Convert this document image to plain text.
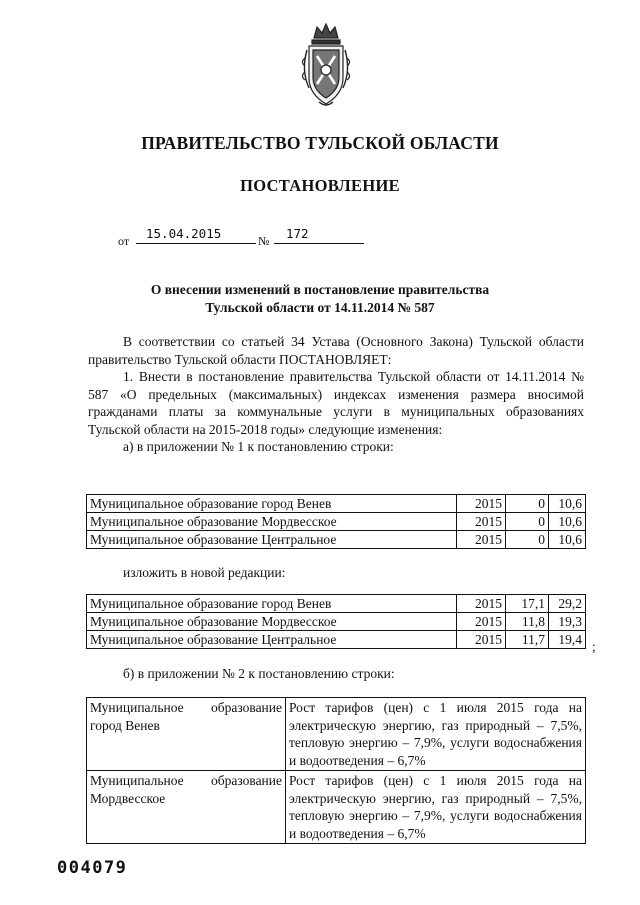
ПРАВИТЕЛЬСТВО ТУЛЬСКОЙ ОБЛАСТИ
ПОСТАНОВЛЕНИЕ
от 15.04.2015	№ 172
О внесении изменений в постановление правительства
Тульской области от 14.11.2014 № 587

В соответствии со статьей 34 Устава (Основного Закона) Тульской области правительство Тульской области ПОСТАНОВЛЯЕТ:

1. Внести в постановление правительства Тульской области от 14.11.2014 № 587 «О предельных (максимальных) индексах изменения размера вносимой гражданами платы за коммунальные услуги в муниципальных образованиях Тульской области на 2015-2018 годы» следующие изменения:

а) в приложении № 1 к постановлению строки:

Муниципальное образование город Венев	2015	0	10,6
Муниципальное образование Мордвесское	2015	0	10,6
Муниципальное образование Центральное	2015	0	10,6
изложить в новой редакции:
Муниципальное образование город Венев	2015	17,1	29,2
Муниципальное образование Мордвесское	2015	11,8	19,3
Муниципальное образование Центральное	2015	11,7	19,4 ;
б) в приложении № 2 к постановлению строки:
Муниципальное образование город Венев	Рост тарифов (цен) с 1 июля 2015 года на электрическую энергию, газ природный – 7,5%, тепловую энергию – 7,9%, услуги водоснабжения и водоотведения – 6,7%
Муниципальное образование Мордвесское	Рост тарифов (цен) с 1 июля 2015 года на электрическую энергию, газ природный – 7,5%, тепловую энергию – 7,9%, услуги водоснабжения и водоотведения – 6,7%
004079
